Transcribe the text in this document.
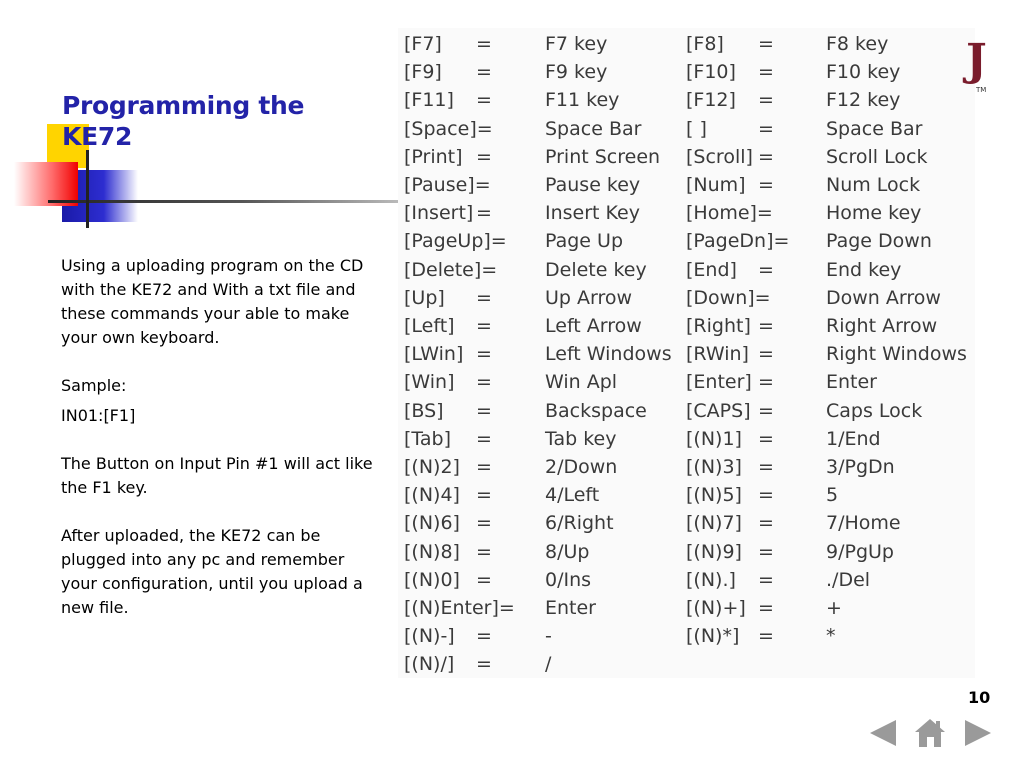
Programming the KE72

Using a uploading program on the CD with the KE72 and With a txt file and these commands your able to make your own keyboard.

Sample:

IN01:[F1]

The Button on Input Pin #1 will act like the F1 key.

After uploaded, the KE72 can be plugged into any pc and remember your configuration, until you upload a new file.

[F7] =	F7 key	[F8] =	F8 key
[F9] =	F9 key	[F10] =	F10 key
[F11] =	F11 key	[F12] =	F12 key
[Space]=	Space Bar [ ]	=	Space Bar
[Print] =	Print Screen [Scroll] =	Scroll Lock
[Pause]=	Pause key [Num] =	Num Lock
[Insert] =	Insert Key [Home]=	Home key
[PageUp]= Page Up	[PageDn]= Page Down
[Delete]=	Delete key [End] =	End key
[Up] =	Up Arrow	[Down]=	Down Arrow
[Left] =	Left Arrow [Right] =	Right Arrow
[LWin] =	Left Windows [RWin] =	Right Windows
[Win] =	Win Apl	[Enter] =	Enter
[BS] =	Backspace [CAPS] =	Caps Lock
[Tab] =	Tab key	[(N)1] =	1/End
[(N)2] =	2/Down	[(N)3] =	3/PgDn
[(N)4] =	4/Left	[(N)5] =	5
[(N)6] =	6/Right	[(N)7] =	7/Home
[(N)8] =	8/Up	[(N)9] =	9/PgUp
[(N)0] =	0/Ins	[(N).] =	./Del
[(N)Enter]= Enter	[(N)+] =	+
[(N)-] =	-	[(N)*] =	*
[(N)/] =	/
J
TM
10
